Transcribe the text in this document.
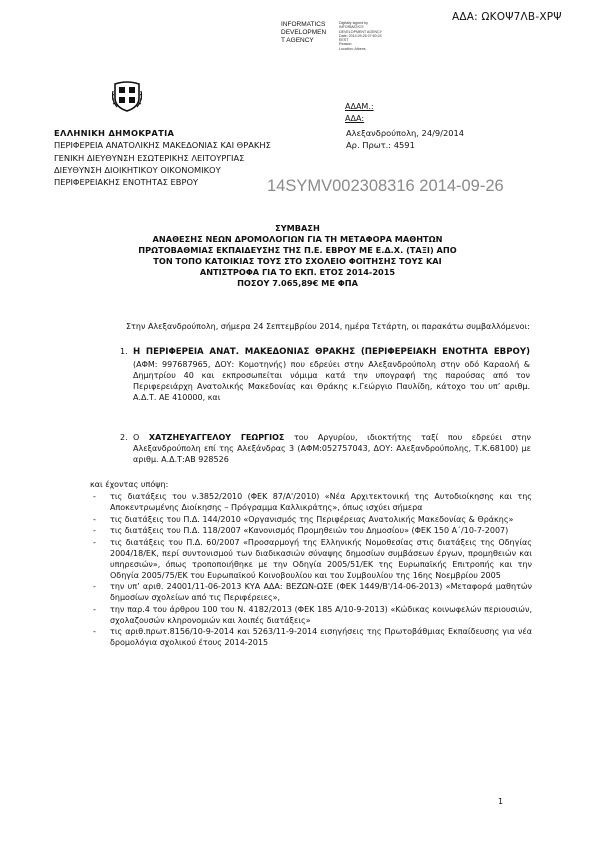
ΑΔΑ: ΩΚΟΨ7ΛΒ-ΧΡΨ
INFORMATICS
DEVELOPMEN
T AGENCY
Digitally signed by
INFORMATICS
DEVELOPMENT AGENCY
Date: 2014.09.26 07:50:24
EEST
Reason:
Location: Athens
ΑΔΑΜ.:
ΑΔΑ:
ΕΛΛΗΝΙΚΗ ΔΗΜΟΚΡΑΤΙΑ
ΠΕΡΙΦΕΡΕΙΑ ΑΝΑΤΟΛΙΚΗΣ ΜΑΚΕΔΟΝΙΑΣ ΚΑΙ ΘΡΑΚΗΣ
ΓΕΝΙΚΗ ΔΙΕΥΘΥΝΣΗ ΕΣΩΤΕΡΙΚΗΣ ΛΕΙΤΟΥΡΓΙΑΣ
ΔΙΕΥΘΥΝΣΗ ΔΙΟΙΚΗΤΙΚΟΥ ΟΙΚΟΝΟΜΙΚΟΥ
ΠΕΡΙΦΕΡΕΙΑΚΗΣ ΕΝΟΤΗΤΑΣ ΕΒΡΟΥ
Αλεξανδρούπολη, 24/9/2014
Αρ. Πρωτ.: 4591
14SYMV002308316 2014-09-26
ΣΥΜΒΑΣΗ
ΑΝΑΘΕΣΗΣ ΝΕΩΝ ΔΡΟΜΟΛΟΓΙΩΝ ΓΙΑ ΤΗ ΜΕΤΑΦΟΡΑ ΜΑΘΗΤΩΝ
ΠΡΩΤΟΒΑΘΜΙΑΣ ΕΚΠΑΙΔΕΥΣΗΣ ΤΗΣ Π.Ε. ΕΒΡΟΥ ΜΕ Ε.Δ.Χ. (ΤΑΞΙ) ΑΠΟ
ΤΟΝ ΤΟΠΟ ΚΑΤΟΙΚΙΑΣ ΤΟΥΣ ΣΤΟ ΣΧΟΛΕΙΟ ΦΟΙΤΗΣΗΣ ΤΟΥΣ ΚΑΙ
ΑΝΤΙΣΤΡΟΦΑ ΓΙΑ ΤΟ ΕΚΠ. ΕΤΟΣ 2014-2015
ΠΟΣΟΥ 7.065,89€ ΜΕ ΦΠΑ
Στην Αλεξανδρούπολη, σήμερα 24 Σεπτεμβρίου 2014, ημέρα Τετάρτη, οι παρακάτω συμβαλλόμενοι:
1. Η ΠΕΡΙΦΕΡΕΙΑ ΑΝΑΤ. ΜΑΚΕΔΟΝΙΑΣ ΘΡΑΚΗΣ (ΠΕΡΙΦΕΡΕΙΑΚΗ ΕΝΟΤΗΤΑ ΕΒΡΟΥ) (ΑΦΜ: 997687965, ΔΟΥ: Κομοτηνής) που εδρεύει στην Αλεξανδρούπολη στην οδό Καραολή & Δημητρίου 40 και εκπροσωπείται νόμιμα κατά την υπογραφή της παρούσας από τον Περιφερειάρχη Ανατολικής Μακεδονίας και Θράκης κ.Γεώργιο Παυλίδη, κάτοχο του υπ’ αριθμ. Α.Δ.Τ. ΑΕ 410000, και
2. Ο ΧΑΤΖΗΕΥΑΓΓΕΛΟΥ ΓΕΩΡΓΙΟΣ του Αργυρίου, ιδιοκτήτης ταξί που εδρεύει στην Αλεξανδρούπολη επί της Αλεξάνδρας 3 (ΑΦΜ:052757043, ΔΟΥ: Αλεξανδρούπολης, Τ.Κ.68100) με αριθμ. Α.Δ.Τ:ΑΒ 928526
και έχοντας υπόψη:
- τις διατάξεις του ν.3852/2010 (ΦΕΚ 87/Α'/2010) «Νέα Αρχιτεκτονική της Αυτοδιοίκησης και της Αποκεντρωμένης Διοίκησης – Πρόγραμμα Καλλικράτης», όπως ισχύει σήμερα
- τις διατάξεις του Π.Δ. 144/2010 «Οργανισμός της Περιφέρειας Ανατολικής Μακεδονίας & Θράκης»
- τις διατάξεις του Π.Δ. 118/2007 «Κανονισμός Προμηθειών του Δημοσίου» (ΦΕΚ 150 Α΄/10-7-2007)
- τις διατάξεις του Π.Δ. 60/2007 «Προσαρμογή της Ελληνικής Νομοθεσίας στις διατάξεις της Οδηγίας 2004/18/ΕΚ, περί συντονισμού των διαδικασιών σύναψης δημοσίων συμβάσεων έργων, προμηθειών και υπηρεσιών», όπως τροποποιήθηκε με την Οδηγία 2005/51/ΕΚ της Ευρωπαϊκής Επιτροπής και την Οδηγία 2005/75/ΕΚ του Ευρωπαϊκού Κοινοβουλίου και του Συμβουλίου της 16ης Νοεμβρίου 2005
- την υπ’ αριθ. 24001/11-06-2013 ΚΥΑ ΑΔΑ: ΒΕΖΩΝ-ΩΣΕ (ΦΕΚ 1449/Β'/14-06-2013) «Μεταφορά μαθητών δημοσίων σχολείων από τις Περιφέρειες»,
- την παρ.4 του άρθρου 100 του Ν. 4182/2013 (ΦΕΚ 185 Α/10-9-2013) «Κώδικας κοινωφελών περιουσιών, σχολαζουσών κληρονομιών και λοιπές διατάξεις»
- τις αριθ.πρωτ.8156/10-9-2014 και 5263/11-9-2014 εισηγήσεις της Πρωτοβάθμιας Εκπαίδευσης για νέα δρομολόγια σχολικού έτους 2014-2015
1
